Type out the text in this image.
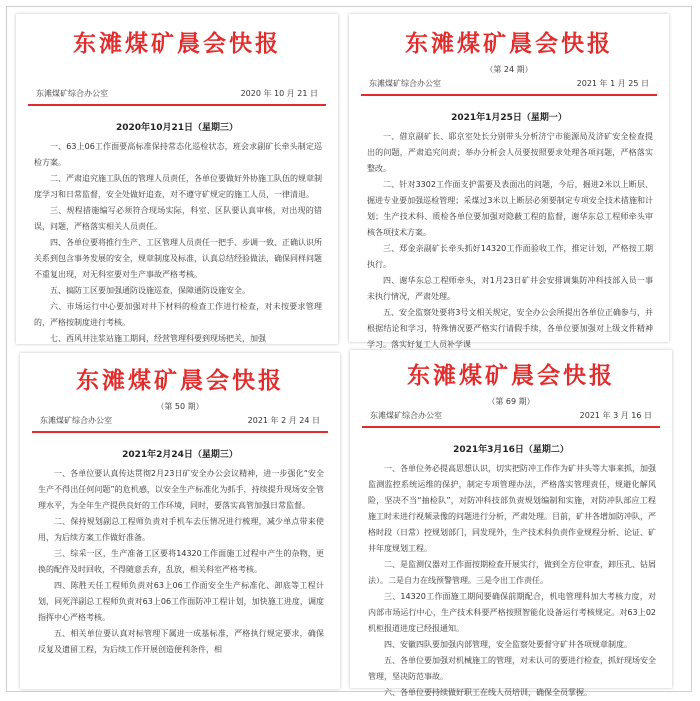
东滩煤矿晨会快报
东滩煤矿综合办公室	2020 年 10 月 21 日
2020年10月21日（星期三）

一、63上06工作面要高标准保持常态化巡检状态，班会求副矿长牵头制定巡检方案。

二、严肃追究施工队伍的管理人员责任，各单位要做好外协施工队伍的规章制度学习和日常监督，安全处做好追查，对不遵守矿规定的施工人员，一律清退。

三、规程措施编写必须符合现场实际，科室、区队要认真审核，对出现的错误，问题，严格落实相关人员责任。

四、各单位要将推行生产、工区管理人员责任一把手、步调一致、正确认识所关系到包含事务发展的安全，规章制度及标准，认真总结经验做法，确保同样问题不重复出现，对无科室要对生产事故严格考核。

五、搞防工区要加强通防设施巡查，保障通防设施安全。

六、市场运行中心要加强对井下材料的检查工作进行检查，对未按要求管理的，严格按制度进行考核。

七、西风井注浆站施工期间，经营管理科要到现场把关，加强

东滩煤矿晨会快报
（第 24 期）
东滩煤矿综合办公室	2021 年 1 月 25 日
2021年1月25日（星期一）

一、借京副矿长、耶京室处长分别带头分析济宁市能源局及济矿安全检查提出的问题，严肃追究问责；举办分析会人员要按照要求处理各项问题，严格落实整改。

二、针对3302工作面支护需要及表面出的问题，今后，掘进2米以上断层、掘进专业要加强巡检管理；采煤过3米以上断层必须要制定专项安全技术措施和计划；生产技术科、质检各单位要加强对隐蔽工程的监督，谢华东总工程师牵头审核各项技术方案。

三、郑金亲副矿长牵头抓好14320工作面验收工作，推定计划，严格按工期执行。

四、谢华东总工程师牵头，对1月23日矿井会安排调集防冲科技部入员一事未执行情况，严肃处理。

五、安全监察处要将3号文相关规定，安全办公会所提出各单位正确参与，并根据结论和学习，特殊情况要严格实行请假手续，各单位要加强对上级文件精神学习。落实好复工人员补学课

东滩煤矿晨会快报
（第 50 期）
东滩煤矿综合办公室	2021 年 2 月 24 日
2021年2月24日（星期三）

一、各单位要认真传达贯彻2月23日矿安全办公会议精神，进一步强化“安全生产不得出任何问题”的危机感，以安全生产标准化为抓手，持续提升现场安全管理水平，为全年生产提供良好的工作环境，同时，要落实高管加强日常监督。

二、保持规划副总工程师负责对手机车去压情况进行梳理，减少单点带来使用，为后续方案工作做好准备。

三、综采一区，生产准备工区要将14320工作面施工过程中产生的杂物，更换的配件及时回收，不得随意丢弃，乱放，相关科室严格考核。

四、陈胜天任工程师负责对63上06工作面安全生产标准化、卸底等工程计划，同死洋副总工程师负责对63上06工作面防冲工程计划，加快施工进度，调度指挥中心严格考核。

五、相关单位要认真对标管理下属进一成基标准，严格执行规定要求，确保反复及遗留工程，为后续工作开展创造便利条件，相

东滩煤矿晨会快报
（第 69 期）
东滩煤矿综合办公室	2021 年 3 月 16 日
2021年3月16日（星期二）

一、各单位务必提高思想认识，切实把防冲工作作为矿井头等大事来抓，加强监测监控系统运维的保护，制定专项管理办法，严格落实管理责任，规避化解风险，坚决不当“抽检队”，对防冲科技部负责规划编制和实施，对防冲队部应工程施工时未进行视频录像的问题进行分析，严肃处理。目前，矿井各增加防冲队，严格时段（日常）控规划部门，同发现外，生产技术科负责作业规程分析、论证、矿井年度规划工程。

二、是监测仪器对工作面按期检查开展实行，做到全方位审查，卸压孔、钻屑法）。二是自力在线预警管理。三是令出工作责任。

三、14320工作面施工期间要确保前期配合，机电管理科加大考核力度，对内部市场运行中心，生产技术科要严格按照智能化设备运行考核规定。对63上02机柜报道进度已经报通知。

四、安徽四队要加强内部管理，安全监察处要督守矿井各项规章制度。

五、各单位要加强对机械施工的管理，对未认可的要进行检查，抓好现场安全管理，坚决防范事故。

六、各单位要持续做好职工在线人员培训，确保全员掌握。
